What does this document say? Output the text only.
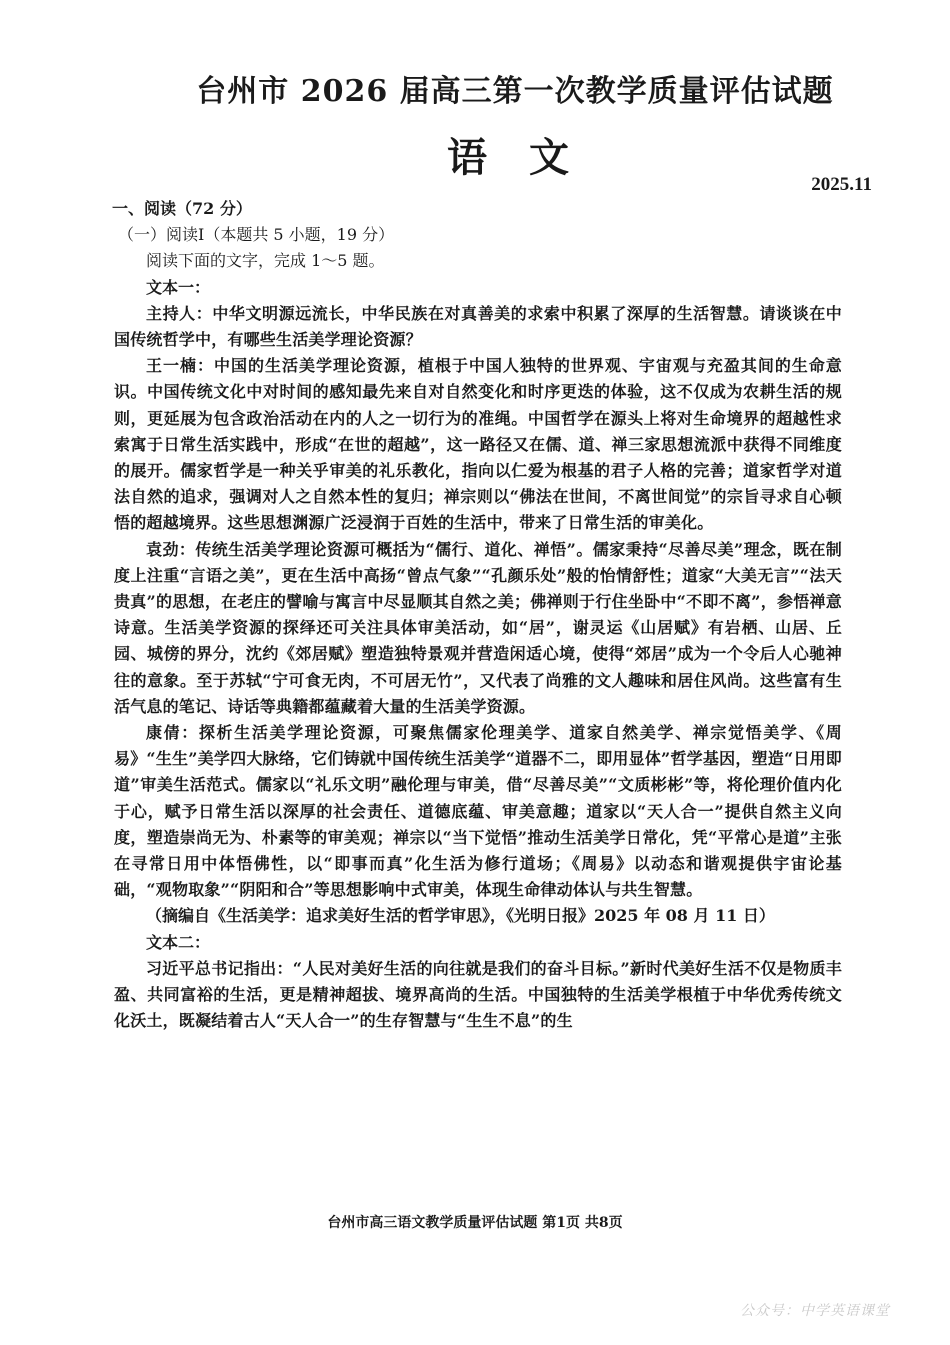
台州市 2026 届高三第一次教学质量评估试题
语 文
2025.11

一、阅读（72 分）

（一）阅读Ⅰ（本题共 5 小题，19 分）

阅读下面的文字，完成 1～5 题。

文本一：

主持人：中华文明源远流长，中华民族在对真善美的求索中积累了深厚的生活智慧。请谈谈在中国传统哲学中，有哪些生活美学理论资源？

王一楠：中国的生活美学理论资源，植根于中国人独特的世界观、宇宙观与充盈其间的生命意识。中国传统文化中对时间的感知最先来自对自然变化和时序更迭的体验，这不仅成为农耕生活的规则，更延展为包含政治活动在内的人之一切行为的准绳。中国哲学在源头上将对生命境界的超越性求索寓于日常生活实践中，形成“在世的超越”，这一路径又在儒、道、禅三家思想流派中获得不同维度的展开。儒家哲学是一种关乎审美的礼乐教化，指向以仁爱为根基的君子人格的完善；道家哲学对道法自然的追求，强调对人之自然本性的复归；禅宗则以“佛法在世间，不离世间觉”的宗旨寻求自心顿悟的超越境界。这些思想渊源广泛浸润于百姓的生活中，带来了日常生活的审美化。

袁劲：传统生活美学理论资源可概括为“儒行、道化、禅悟”。儒家秉持“尽善尽美”理念，既在制度上注重“言语之美”，更在生活中高扬“曾点气象”“孔颜乐处”般的怡情舒性；道家“大美无言”“法天贵真”的思想，在老庄的譬喻与寓言中尽显顺其自然之美；佛禅则于行住坐卧中“不即不离”，参悟禅意诗意。生活美学资源的探绎还可关注具体审美活动，如“居”，谢灵运《山居赋》有岩栖、山居、丘园、城傍的界分，沈约《郊居赋》塑造独特景观并营造闲适心境，使得“郊居”成为一个令后人心驰神往的意象。至于苏轼“宁可食无肉，不可居无竹”，又代表了尚雅的文人趣味和居住风尚。这些富有生活气息的笔记、诗话等典籍都蕴藏着大量的生活美学资源。

康倩：探析生活美学理论资源，可聚焦儒家伦理美学、道家自然美学、禅宗觉悟美学、《周易》“生生”美学四大脉络，它们铸就中国传统生活美学“道器不二，即用显体”哲学基因，塑造“日用即道”审美生活范式。儒家以“礼乐文明”融伦理与审美，借“尽善尽美”“文质彬彬”等，将伦理价值内化于心，赋予日常生活以深厚的社会责任、道德底蕴、审美意趣；道家以“天人合一”提供自然主义向度，塑造崇尚无为、朴素等的审美观；禅宗以“当下觉悟”推动生活美学日常化，凭“平常心是道”主张在寻常日用中体悟佛性，以“即事而真”化生活为修行道场；《周易》以动态和谐观提供宇宙论基础，“观物取象”“阴阳和合”等思想影响中式审美，体现生命律动体认与共生智慧。

（摘编自《生活美学：追求美好生活的哲学审思》，《光明日报》2025 年 08 月 11 日）

文本二：

习近平总书记指出：“人民对美好生活的向往就是我们的奋斗目标。”新时代美好生活不仅是物质丰盈、共同富裕的生活，更是精神超拔、境界高尚的生活。中国独特的生活美学根植于中华优秀传统文化沃土，既凝结着古人“天人合一”的生存智慧与“生生不息”的生

台州市高三语文教学质量评估试题 第1页 共8页
公众号：中学英语课堂
